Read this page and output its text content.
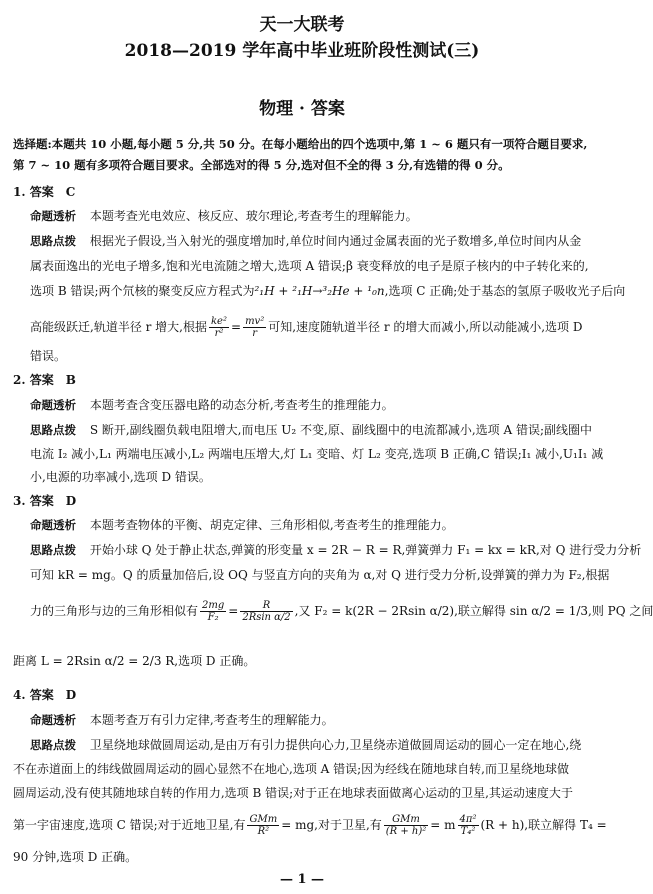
天一大联考
2018—2019 学年高中毕业班阶段性测试(三)
物理 · 答案
选择题:本题共 10 小题,每小题 5 分,共 50 分。在每小题给出的四个选项中,第 1 ~ 6 题只有一项符合题目要求,
第 7 ~ 10 题有多项符合题目要求。全部选对的得 5 分,选对但不全的得 3 分,有选错的得 0 分。
1. 答案　C
命题透析 本题考查光电效应、核反应、玻尔理论,考查考生的理解能力。
思路点拨 根据光子假设,当入射光的强度增加时,单位时间内通过金属表面的光子数增多,单位时间内从金
属表面逸出的光电子增多,饱和光电流随之增大,选项 A 错误;β 衰变释放的电子是原子核内的中子转化来的,
选项 B 错误;两个氘核的聚变反应方程式为²₁H + ²₁H→³₂He + ¹₀n,选项 C 正确;处于基态的氢原子吸收光子后向
高能级跃迁,轨道半径 r 增大,根据 $\frac{\text{ke²}}{\text{r²}} = \frac{\text{mv²}}{r}$ 可知,速度随轨道半径 r 的增大而减小,所以动能减小,选项 D
错误。
2. 答案　B
命题透析 本题考查含变压器电路的动态分析,考查考生的推理能力。
思路点拨 S 断开,副线圈负载电阻增大,而电压 U₂ 不变,原、副线圈中的电流都减小,选项 A 错误;副线圈中
电流 I₂ 减小,L₁ 两端电压减小,L₂ 两端电压增大,灯 L₁ 变暗、灯 L₂ 变亮,选项 B 正确,C 错误;I₁ 减小,U₁I₁ 减
小,电源的功率减小,选项 D 错误。
3. 答案　D
命题透析 本题考查物体的平衡、胡克定律、三角形相似,考查考生的推理能力。
思路点拨 开始小球 Q 处于静止状态,弹簧的形变量 x = 2R − R = R,弹簧弹力 F₁ = kx = kR,对 Q 进行受力分析
可知 kR = mg。Q 的质量加倍后,设 OQ 与竖直方向的夹角为 α,对 Q 进行受力分析,设弹簧的弹力为 F₂,根据
力的三角形与边的三角形相似有 $\frac{2mg}{\text{F₂}} = \frac{R}{\text{2Rsin α/2}}$ ,又 F₂ = k(2R − 2Rsin α/2),联立解得 sin α/2 = 1/3,则 PQ 之间
距离 L = 2Rsin α/2 = 2/3 R,选项 D 正确。
4. 答案　D
命题透析 本题考查万有引力定律,考查考生的理解能力。
思路点拨 卫星绕地球做圆周运动,是由万有引力提供向心力,卫星绕赤道做圆周运动的圆心一定在地心,绕
不在赤道面上的纬线做圆周运动的圆心显然不在地心,选项 A 错误;因为经线在随地球自转,而卫星绕地球做
圆周运动,没有使其随地球自转的作用力,选项 B 错误;对于正在地球表面做离心运动的卫星,其运动速度大于
第一宇宙速度,选项 C 错误;对于近地卫星,有 $\frac{\text{GMm}}{\text{R²}}$ = mg,对于卫星,有 $\frac{\text{GMm}}{\text{(R + h)²}} = m \frac{\text{4π²}}{\text{T₄²}} (R + h)$,联立解得 T₄ =
90 分钟,选项 D 正确。
— 1 —
